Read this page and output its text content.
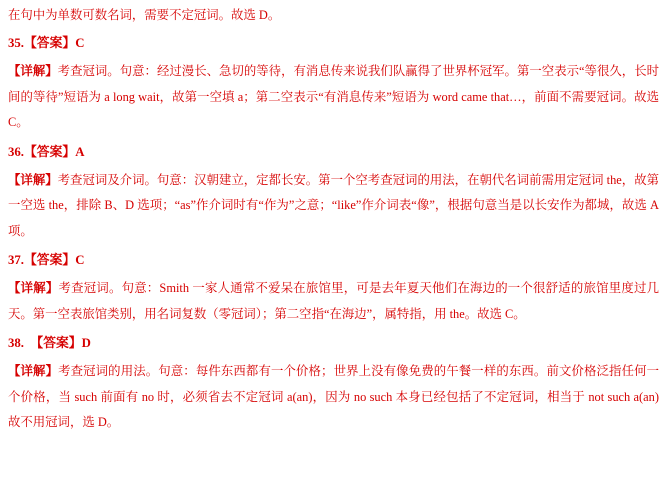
在句中为单数可数名词，需要不定冠词。故选 D。

35.【答案】C

【详解】考查冠词。句意：经过漫长、急切的等待，有消息传来说我们队赢得了世界杯冠军。第一空表示“等很久，长时间的等待”短语为 a long wait，故第一空填 a；第二空表示“有消息传来”短语为 word came that…，前面不需要冠词。故选 C。

36.【答案】A

【详解】考查冠词及介词。句意：汉朝建立，定都长安。第一个空考查冠词的用法，在朝代名词前需用定冠词 the，故第一空选 the，排除 B、D 选项；“as”作介词时有“作为”之意；“like”作介词表“像”，根据句意当是以长安作为都城，故选 A 项。

37.【答案】C

【详解】考查冠词。句意：Smith 一家人通常不爱呆在旅馆里，可是去年夏天他们在海边的一个很舒适的旅馆里度过几天。第一空表旅馆类别，用名词复数（零冠词）；第二空指“在海边”，属特指，用 the。故选 C。

38. 【答案】D

【详解】考查冠词的用法。句意：每件东西都有一个价格；世界上没有像免费的午餐一样的东西。前文价格泛指任何一个价格，当 such 前面有 no 时，必须省去不定冠词 a(an)，因为 no such 本身已经包括了不定冠词，相当于 not such a(an)故不用冠词，选 D。
